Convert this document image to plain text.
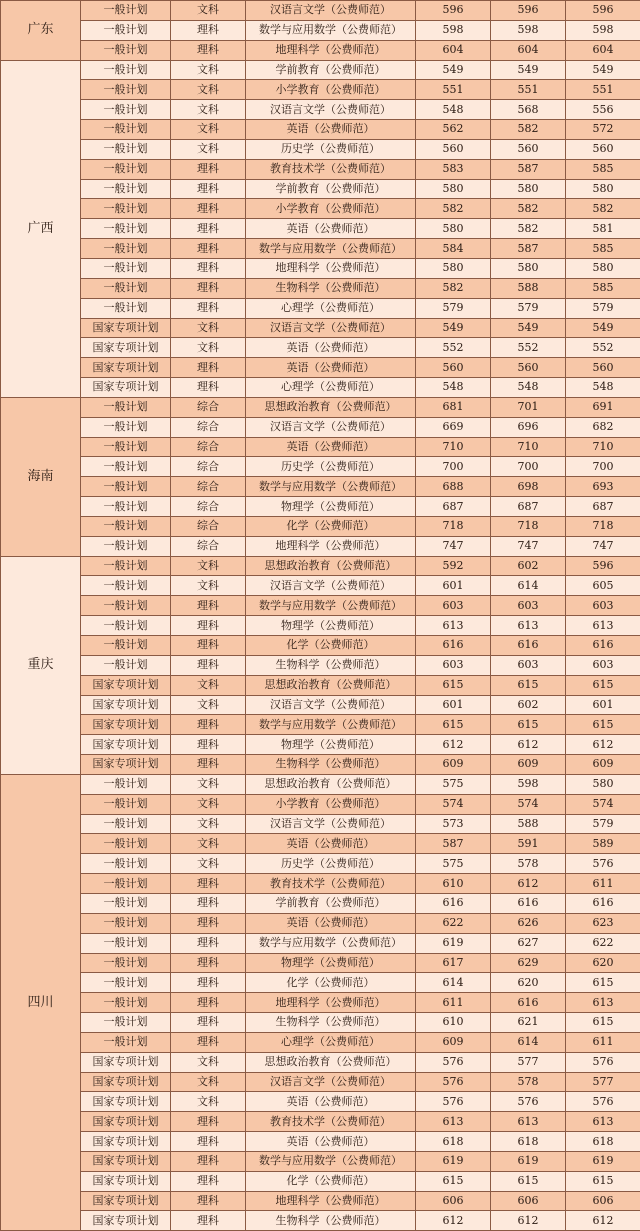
广东	一般计划	文科	汉语言文学（公费师范）	596	596	596
	一般计划	理科	数学与应用数学（公费师范）	598	598	598
	一般计划	理科	地理科学（公费师范）	604	604	604
广西	一般计划	文科	学前教育（公费师范）	549	549	549
	一般计划	文科	小学教育（公费师范）	551	551	551
	一般计划	文科	汉语言文学（公费师范）	548	568	556
	一般计划	文科	英语（公费师范）	562	582	572
	一般计划	文科	历史学（公费师范）	560	560	560
	一般计划	理科	教育技术学（公费师范）	583	587	585
	一般计划	理科	学前教育（公费师范）	580	580	580
	一般计划	理科	小学教育（公费师范）	582	582	582
	一般计划	理科	英语（公费师范）	580	582	581
	一般计划	理科	数学与应用数学（公费师范）	584	587	585
	一般计划	理科	地理科学（公费师范）	580	580	580
	一般计划	理科	生物科学（公费师范）	582	588	585
	一般计划	理科	心理学（公费师范）	579	579	579
	国家专项计划	文科	汉语言文学（公费师范）	549	549	549
	国家专项计划	文科	英语（公费师范）	552	552	552
	国家专项计划	理科	英语（公费师范）	560	560	560
	国家专项计划	理科	心理学（公费师范）	548	548	548
海南	一般计划	综合	思想政治教育（公费师范）	681	701	691
	一般计划	综合	汉语言文学（公费师范）	669	696	682
	一般计划	综合	英语（公费师范）	710	710	710
	一般计划	综合	历史学（公费师范）	700	700	700
	一般计划	综合	数学与应用数学（公费师范）	688	698	693
	一般计划	综合	物理学（公费师范）	687	687	687
	一般计划	综合	化学（公费师范）	718	718	718
	一般计划	综合	地理科学（公费师范）	747	747	747
重庆	一般计划	文科	思想政治教育（公费师范）	592	602	596
	一般计划	文科	汉语言文学（公费师范）	601	614	605
	一般计划	理科	数学与应用数学（公费师范）	603	603	603
	一般计划	理科	物理学（公费师范）	613	613	613
	一般计划	理科	化学（公费师范）	616	616	616
	一般计划	理科	生物科学（公费师范）	603	603	603
	国家专项计划	文科	思想政治教育（公费师范）	615	615	615
	国家专项计划	文科	汉语言文学（公费师范）	601	602	601
	国家专项计划	理科	数学与应用数学（公费师范）	615	615	615
	国家专项计划	理科	物理学（公费师范）	612	612	612
	国家专项计划	理科	生物科学（公费师范）	609	609	609
四川	一般计划	文科	思想政治教育（公费师范）	575	598	580
	一般计划	文科	小学教育（公费师范）	574	574	574
	一般计划	文科	汉语言文学（公费师范）	573	588	579
	一般计划	文科	英语（公费师范）	587	591	589
	一般计划	文科	历史学（公费师范）	575	578	576
	一般计划	理科	教育技术学（公费师范）	610	612	611
	一般计划	理科	学前教育（公费师范）	616	616	616
	一般计划	理科	英语（公费师范）	622	626	623
	一般计划	理科	数学与应用数学（公费师范）	619	627	622
	一般计划	理科	物理学（公费师范）	617	629	620
	一般计划	理科	化学（公费师范）	614	620	615
	一般计划	理科	地理科学（公费师范）	611	616	613
	一般计划	理科	生物科学（公费师范）	610	621	615
	一般计划	理科	心理学（公费师范）	609	614	611
	国家专项计划	文科	思想政治教育（公费师范）	576	577	576
	国家专项计划	文科	汉语言文学（公费师范）	576	578	577
	国家专项计划	文科	英语（公费师范）	576	576	576
	国家专项计划	理科	教育技术学（公费师范）	613	613	613
	国家专项计划	理科	英语（公费师范）	618	618	618
	国家专项计划	理科	数学与应用数学（公费师范）	619	619	619
	国家专项计划	理科	化学（公费师范）	615	615	615
	国家专项计划	理科	地理科学（公费师范）	606	606	606
	国家专项计划	理科	生物科学（公费师范）	612	612	612
